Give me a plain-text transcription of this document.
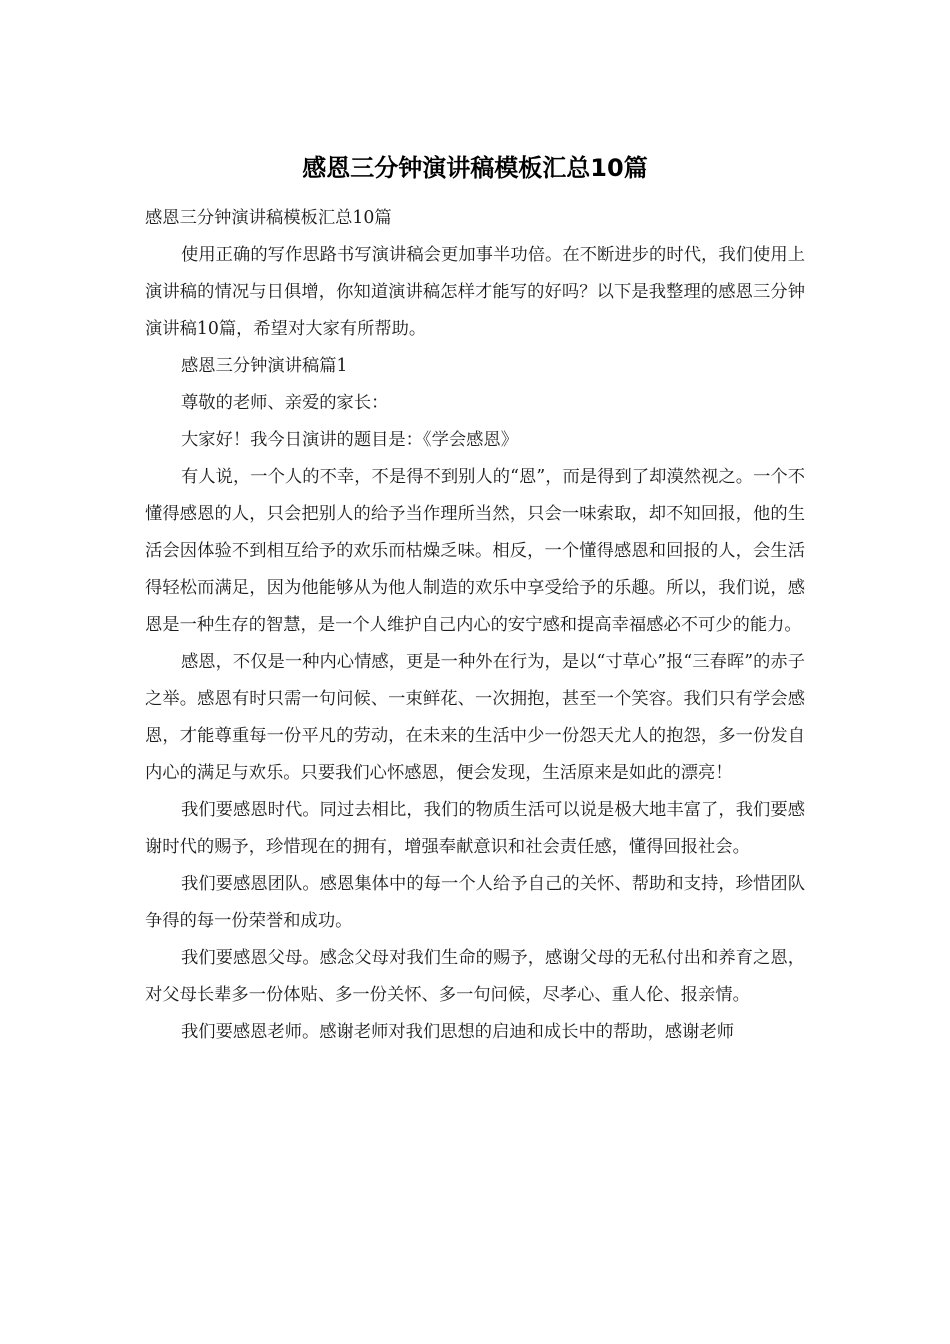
感恩三分钟演讲稿模板汇总10篇

感恩三分钟演讲稿模板汇总10篇

使用正确的写作思路书写演讲稿会更加事半功倍。在不断进步的时代，我们使用上演讲稿的情况与日俱增，你知道演讲稿怎样才能写的好吗？以下是我整理的感恩三分钟演讲稿10篇，希望对大家有所帮助。

感恩三分钟演讲稿篇1

尊敬的老师、亲爱的家长：

大家好！我今日演讲的题目是：《学会感恩》

有人说，一个人的不幸，不是得不到别人的“恩”，而是得到了却漠然视之。一个不懂得感恩的人，只会把别人的给予当作理所当然，只会一味索取，却不知回报，他的生活会因体验不到相互给予的欢乐而枯燥乏味。相反，一个懂得感恩和回报的人，会生活得轻松而满足，因为他能够从为他人制造的欢乐中享受给予的乐趣。所以，我们说，感恩是一种生存的智慧，是一个人维护自己内心的安宁感和提高幸福感必不可少的能力。

感恩，不仅是一种内心情感，更是一种外在行为，是以“寸草心”报“三春晖”的赤子之举。感恩有时只需一句问候、一束鲜花、一次拥抱，甚至一个笑容。我们只有学会感恩，才能尊重每一份平凡的劳动，在未来的生活中少一份怨天尤人的抱怨，多一份发自内心的满足与欢乐。只要我们心怀感恩，便会发现，生活原来是如此的漂亮！

我们要感恩时代。同过去相比，我们的物质生活可以说是极大地丰富了，我们要感谢时代的赐予，珍惜现在的拥有，增强奉献意识和社会责任感，懂得回报社会。

我们要感恩团队。感恩集体中的每一个人给予自己的关怀、帮助和支持，珍惜团队争得的每一份荣誉和成功。

我们要感恩父母。感念父母对我们生命的赐予，感谢父母的无私付出和养育之恩，对父母长辈多一份体贴、多一份关怀、多一句问候，尽孝心、重人伦、报亲情。

我们要感恩老师。感谢老师对我们思想的启迪和成长中的帮助，感谢老师
